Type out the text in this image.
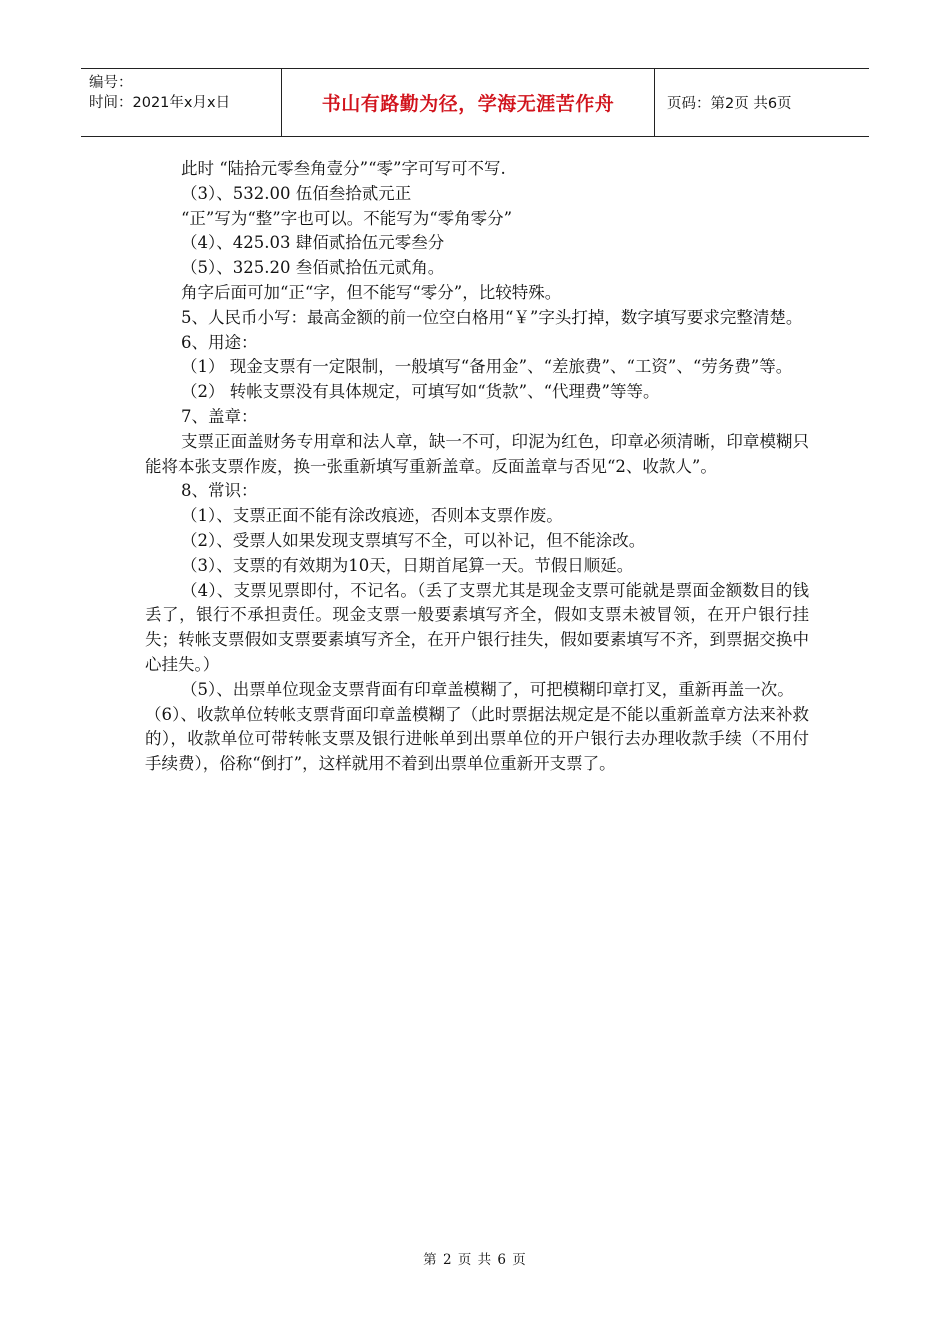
编号：
时间：2021年x月x日	书山有路勤为径，学海无涯苦作舟	页码：第2页 共6页

此时 “陆拾元零叁角壹分”“零”字可写可不写.

（3）、532.00 伍佰叁拾贰元正

“正”写为“整”字也可以。不能写为“零角零分”

（4）、425.03 肆佰贰拾伍元零叁分

（5）、325.20 叁佰贰拾伍元贰角。

角字后面可加“正“字，但不能写“零分”，比较特殊。

5、人民币小写：最高金额的前一位空白格用“￥”字头打掉，数字填写要求完整清楚。

6、用途：

（1） 现金支票有一定限制，一般填写“备用金”、“差旅费”、“工资”、“劳务费”等。

（2） 转帐支票没有具体规定，可填写如“货款”、“代理费”等等。

7、盖章：

支票正面盖财务专用章和法人章，缺一不可，印泥为红色，印章必须清晰，印章模糊只能将本张支票作废，换一张重新填写重新盖章。反面盖章与否见“2、收款人”。

8、常识：

（1）、支票正面不能有涂改痕迹，否则本支票作废。

（2）、受票人如果发现支票填写不全，可以补记，但不能涂改。

（3）、支票的有效期为10天，日期首尾算一天。节假日顺延。

（4）、支票见票即付，不记名。（丢了支票尤其是现金支票可能就是票面金额数目的钱丢了，银行不承担责任。现金支票一般要素填写齐全，假如支票未被冒领，在开户银行挂失；转帐支票假如支票要素填写齐全，在开户银行挂失，假如要素填写不齐，到票据交换中心挂失。）

（5）、出票单位现金支票背面有印章盖模糊了，可把模糊印章打叉，重新再盖一次。

（6）、收款单位转帐支票背面印章盖模糊了（此时票据法规定是不能以重新盖章方法来补救的），收款单位可带转帐支票及银行进帐单到出票单位的开户银行去办理收款手续（不用付手续费），俗称“倒打”，这样就用不着到出票单位重新开支票了。

第 2 页 共 6 页
